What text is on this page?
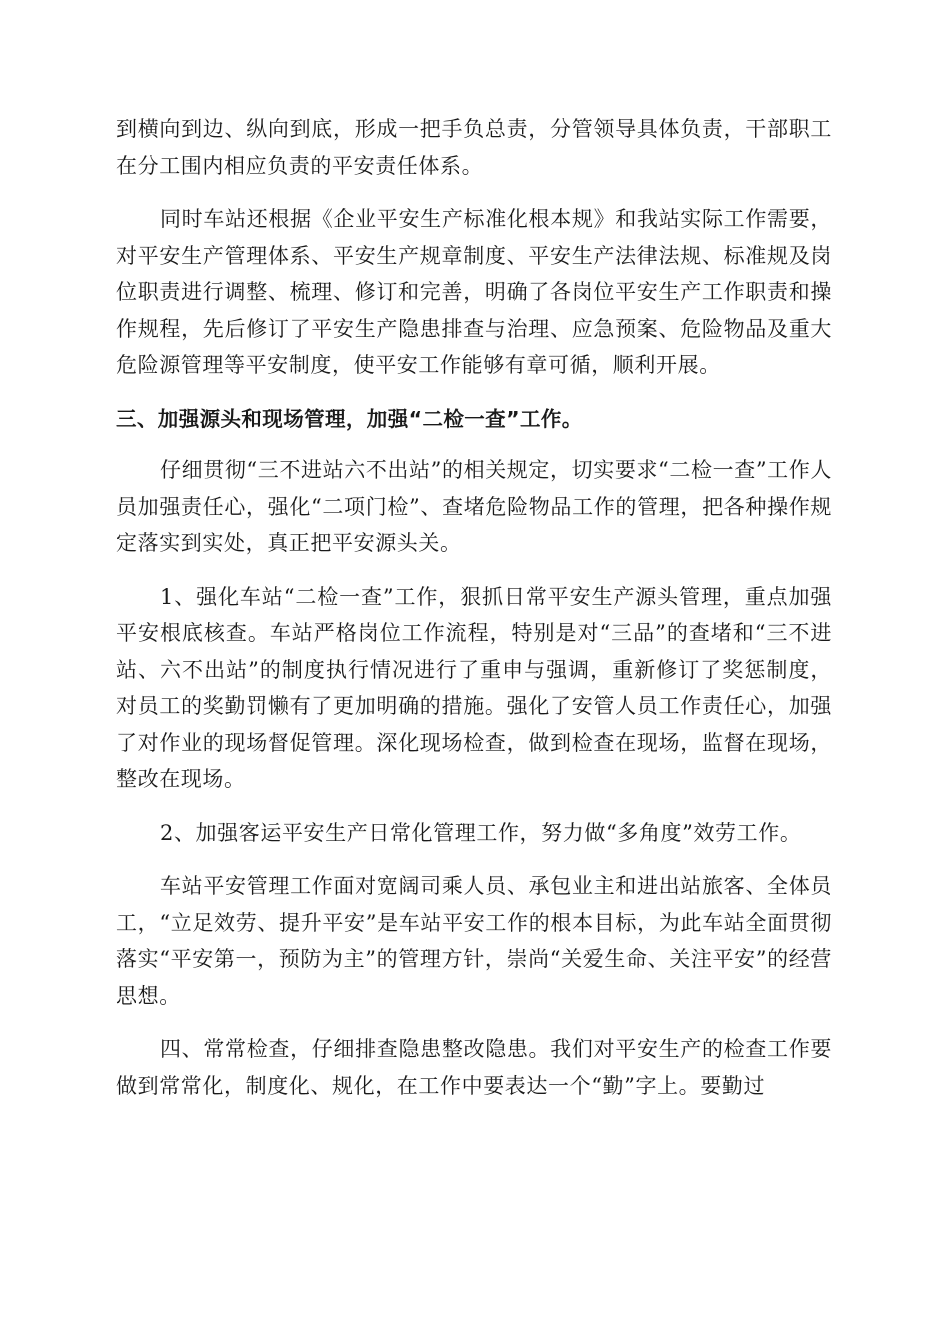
到横向到边、纵向到底，形成一把手负总责，分管领导具体负责，干部职工在分工围内相应负责的平安责任体系。

同时车站还根据《企业平安生产标准化根本规》和我站实际工作需要，对平安生产管理体系、平安生产规章制度、平安生产法律法规、标准规及岗位职责进行调整、梳理、修订和完善，明确了各岗位平安生产工作职责和操作规程，先后修订了平安生产隐患排查与治理、应急预案、危险物品及重大危险源管理等平安制度，使平安工作能够有章可循，顺利开展。

三、加强源头和现场管理，加强“二检一查”工作。

仔细贯彻“三不进站六不出站”的相关规定，切实要求“二检一查”工作人员加强责任心，强化“二项门检”、查堵危险物品工作的管理，把各种操作规定落实到实处，真正把平安源头关。

1、强化车站“二检一查”工作，狠抓日常平安生产源头管理，重点加强平安根底核查。车站严格岗位工作流程，特别是对“三品”的查堵和“三不进站、六不出站”的制度执行情况进行了重申与强调，重新修订了奖惩制度，对员工的奖勤罚懒有了更加明确的措施。强化了安管人员工作责任心，加强了对作业的现场督促管理。深化现场检查，做到检查在现场，监督在现场，整改在现场。

2、加强客运平安生产日常化管理工作，努力做“多角度”效劳工作。

车站平安管理工作面对宽阔司乘人员、承包业主和进出站旅客、全体员工，“立足效劳、提升平安”是车站平安工作的根本目标，为此车站全面贯彻落实“平安第一，预防为主”的管理方针，崇尚“关爱生命、关注平安”的经营思想。

四、常常检查，仔细排查隐患整改隐患。我们对平安生产的检查工作要做到常常化，制度化、规化，在工作中要表达一个“勤”字上。要勤过
